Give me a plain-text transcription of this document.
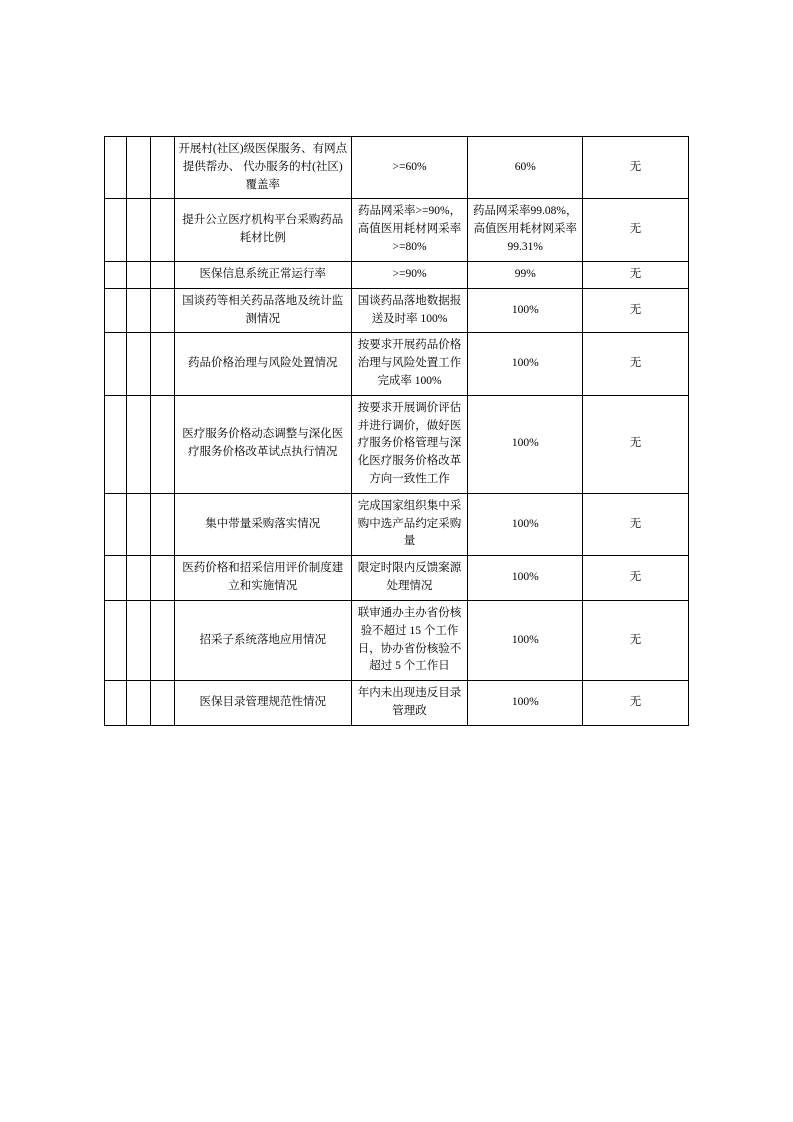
			开展村(社区)级医保服务、有网点提供帮办、 代办服务的村(社区)覆盖率	>=60%	60%	无
			提升公立医疗机构平台采购药品耗材比例	药品网采率>=90%，高值医用耗材网采率>=80%	药品网采率99.08%，高值医用耗材网采率99.31%	无
			医保信息系统正常运行率	>=90%	99%	无
			国谈药等相关药品落地及统计监测情况	国谈药品落地数据报送及时率 100%	100%	无
			药品价格治理与风险处置情况	按要求开展药品价格治理与风险处置工作完成率 100%	100%	无
			医疗服务价格动态调整与深化医疗服务价格改革试点执行情况	按要求开展调价评估并进行调价，做好医疗服务价格管理与深化医疗服务价格改革方向一致性工作	100%	无
			集中带量采购落实情况	完成国家组织集中采购中选产品约定采购量	100%	无
			医药价格和招采信用评价制度建立和实施情况	限定时限内反馈案源处理情况	100%	无
			招采子系统落地应用情况	联审通办主办省份核验不超过 15 个工作日，协办省份核验不超过 5 个工作日	100%	无
			医保目录管理规范性情况	年内未出现违反目录管理政	100%	无
